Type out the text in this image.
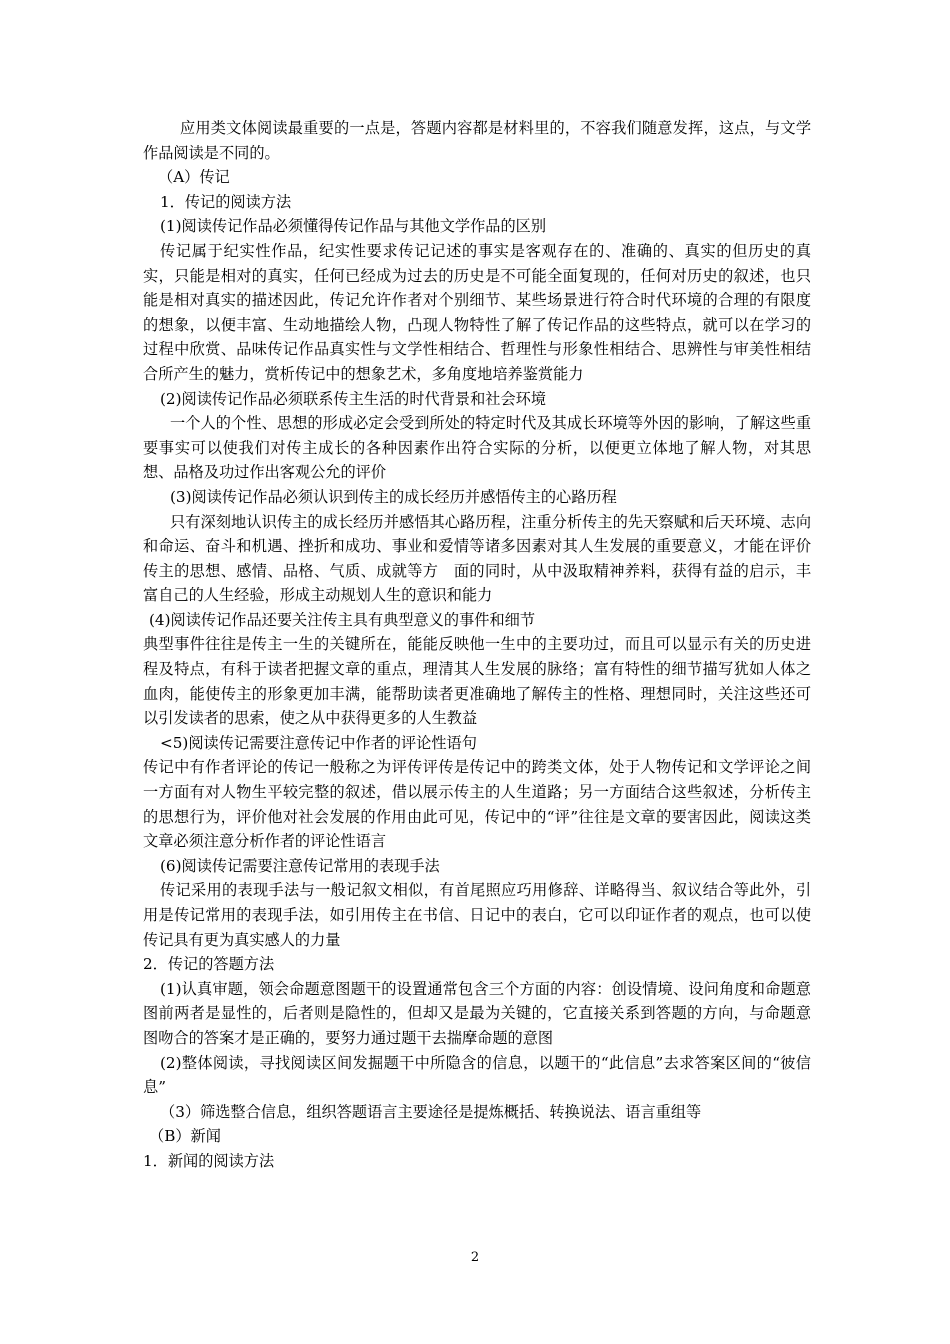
应用类文体阅读最重要的一点是，答题内容都是材料里的，不容我们随意发挥，这点，与文学作品阅读是不同的。

（A）传记

1．传记的阅读方法

(1)阅读传记作品必须懂得传记作品与其他文学作品的区别

传记属于纪实性作品，纪实性要求传记记述的事实是客观存在的、准确的、真实的但历史的真实，只能是相对的真实，任何已经成为过去的历史是不可能全面复现的，任何对历史的叙述，也只能是相对真实的描述因此，传记允许作者对个别细节、某些场景进行符合时代环境的合理的有限度的想象，以便丰富、生动地描绘人物，凸现人物特性了解了传记作品的这些特点，就可以在学习的过程中欣赏、品味传记作品真实性与文学性相结合、哲理性与形象性相结合、思辨性与审美性相结合所产生的魅力，赏析传记中的想象艺术，多角度地培养鉴赏能力

(2)阅读传记作品必须联系传主生活的时代背景和社会环境

一个人的个性、思想的形成必定会受到所处的特定时代及其成长环境等外因的影响，了解这些重要事实可以使我们对传主成长的各种因素作出符合实际的分析，以便更立体地了解人物，对其思想、品格及功过作出客观公允的评价

(3)阅读传记作品必须认识到传主的成长经历并感悟传主的心路历程

只有深刻地认识传主的成长经历并感悟其心路历程，注重分析传主的先天察赋和后天环境、志向和命运、奋斗和机遇、挫折和成功、事业和爱情等诸多因素对其人生发展的重要意义，才能在评价传主的思想、感情、品格、气质、成就等方　面的同时，从中汲取精神养料，获得有益的启示，丰富自己的人生经验，形成主动规划人生的意识和能力

(4)阅读传记作品还要关注传主具有典型意义的事件和细节

典型事件往往是传主一生的关键所在，能能反映他一生中的主要功过，而且可以显示有关的历史进程及特点，有科于读者把握文章的重点，理清其人生发展的脉络；富有特性的细节描写犹如人体之血肉，能使传主的形象更加丰满，能帮助读者更准确地了解传主的性格、理想同时，关注这些还可以引发读者的思索，使之从中获得更多的人生教益

<5)阅读传记需要注意传记中作者的评论性语句

传记中有作者评论的传记一般称之为评传评传是传记中的跨类文体，处于人物传记和文学评论之间一方面有对人物生平较完整的叙述，借以展示传主的人生道路；另一方面结合这些叙述，分析传主的思想行为，评价他对社会发展的作用由此可见，传记中的“评”往往是文章的要害因此，阅读这类文章必须注意分析作者的评论性语言

(6)阅读传记需要注意传记常用的表现手法

传记采用的表现手法与一般记叙文相似，有首尾照应巧用修辞、详略得当、叙议结合等此外，引用是传记常用的表现手法，如引用传主在书信、日记中的表白，它可以印证作者的观点，也可以使传记具有更为真实感人的力量

2．传记的答题方法

(1)认真审题，领会命题意图题干的设置通常包含三个方面的内容：创设情境、设问角度和命题意图前两者是显性的，后者则是隐性的，但却又是最为关键的，它直接关系到答题的方向，与命题意图吻合的答案才是正确的，要努力通过题干去揣摩命题的意图

(2)整体阅读，寻找阅读区间发掘题干中所隐含的信息，以题干的“此信息”去求答案区间的“彼信息”

（3）筛选整合信息，组织答题语言主要途径是提炼概括、转换说法、语言重组等

（B）新闻

1．新闻的阅读方法

2
